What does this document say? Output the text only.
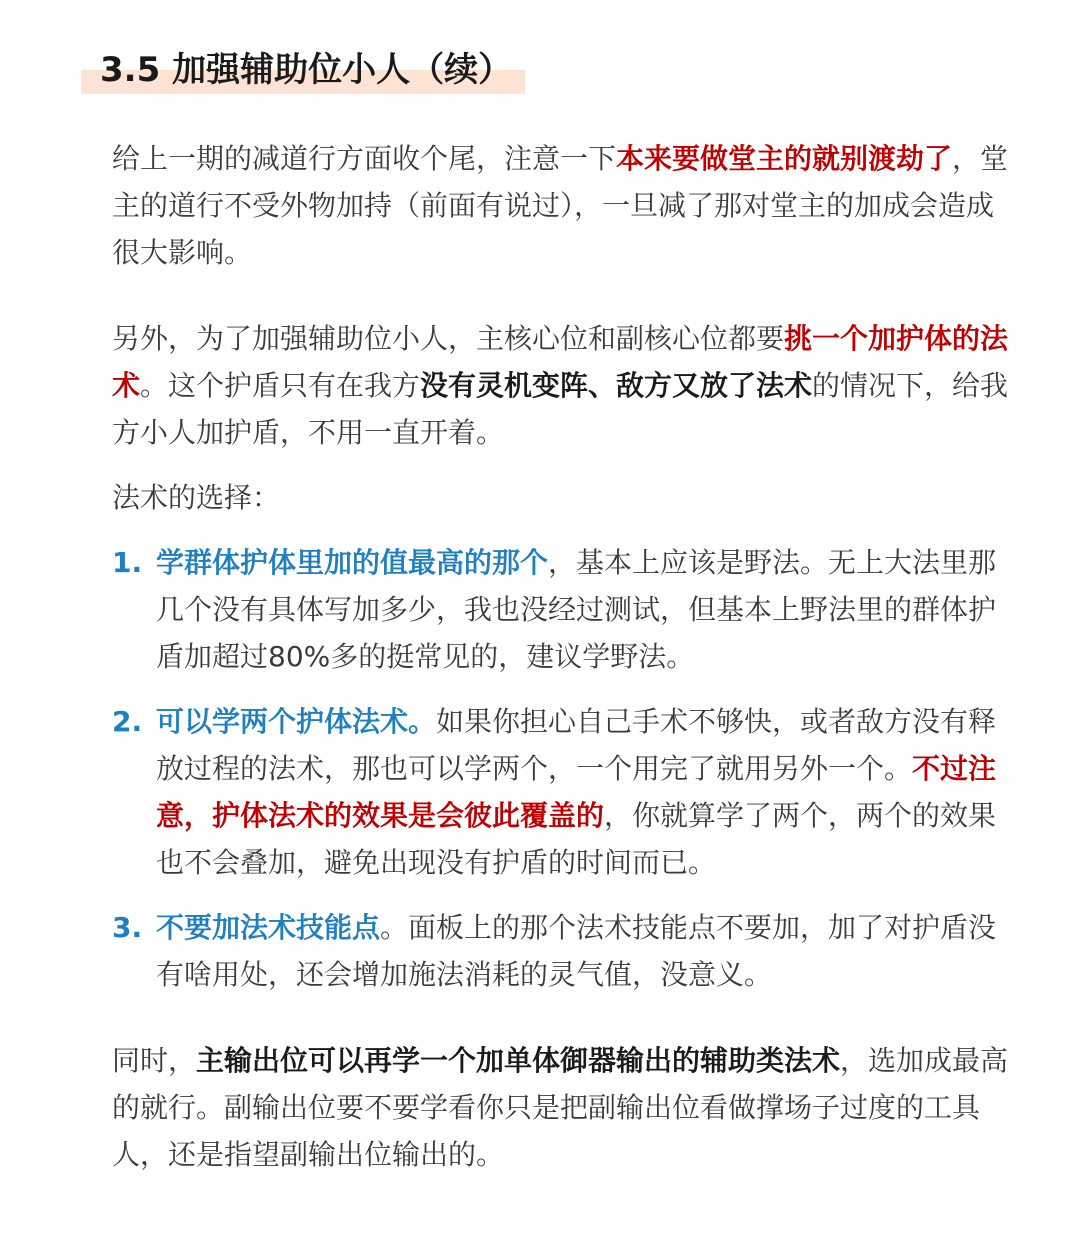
3.5 加强辅助位小人（续）

给上一期的减道行方面收个尾，注意一下本来要做堂主的就别渡劫了，堂主的道行不受外物加持（前面有说过），一旦减了那对堂主的加成会造成很大影响。

另外，为了加强辅助位小人，主核心位和副核心位都要挑一个加护体的法术。这个护盾只有在我方没有灵机变阵、敌方又放了法术的情况下，给我方小人加护盾，不用一直开着。

法术的选择：

1. 学群体护体里加的值最高的那个，基本上应该是野法。无上大法里那几个没有具体写加多少，我也没经过测试，但基本上野法里的群体护盾加超过80%多的挺常见的，建议学野法。
2. 可以学两个护体法术。如果你担心自己手术不够快，或者敌方没有释放过程的法术，那也可以学两个，一个用完了就用另外一个。不过注意，护体法术的效果是会彼此覆盖的，你就算学了两个，两个的效果也不会叠加，避免出现没有护盾的时间而已。
3. 不要加法术技能点。面板上的那个法术技能点不要加，加了对护盾没有啥用处，还会增加施法消耗的灵气值，没意义。

同时，主输出位可以再学一个加单体御器输出的辅助类法术，选加成最高的就行。副输出位要不要学看你只是把副输出位看做撑场子过度的工具人，还是指望副输出位输出的。
